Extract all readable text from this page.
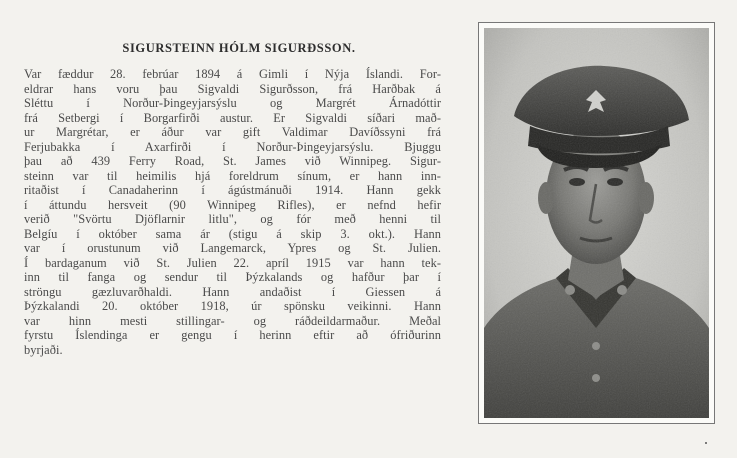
SIGURSTEINN HÓLM SIGURÐSSON.
Var fæddur 28. febrúar 1894 á Gimli í Nýja Íslandi. For-
eldrar hans voru þau Sigvaldi Sigurðsson, frá Harðbak á
Sléttu í Norður-Þingeyjarsýslu og Margrét Árnadóttir
frá Setbergi í Borgarfirði austur. Er Sigvaldi síðari mað-
ur Margrétar, er áður var gift Valdimar Davíðssyni frá
Ferjubakka í Axarfirði í Norður-Þingeyjarsýslu. Bjuggu
þau að 439 Ferry Road, St. James við Winnipeg. Sigur-
steinn var til heimilis hjá foreldrum sínum, er hann inn-
ritaðist í Canadaherinn í ágústmánuði 1914. Hann gekk
í áttundu hersveit (90 Winnipeg Rifles), er nefnd hefir
verið "Svörtu Djöflarnir litlu", og fór með henni til
Belgíu í október sama ár (stigu á skip 3. okt.). Hann
var í orustunum við Langemarck, Ypres og St. Julien.
Í bardaganum við St. Julien 22. apríl 1915 var hann tek-
inn til fanga og sendur til Þýzkalands og hafður þar í
ströngu gæzluvarðhaldi. Hann andaðist í Giessen á
Þýzkalandi 20. október 1918, úr spönsku veikinni. Hann
var hinn mesti stillingar- og ráðdeildarmaður. Meðal
fyrstu Íslendinga er gengu í herinn eftir að ófriðurinn
byrjaði.
